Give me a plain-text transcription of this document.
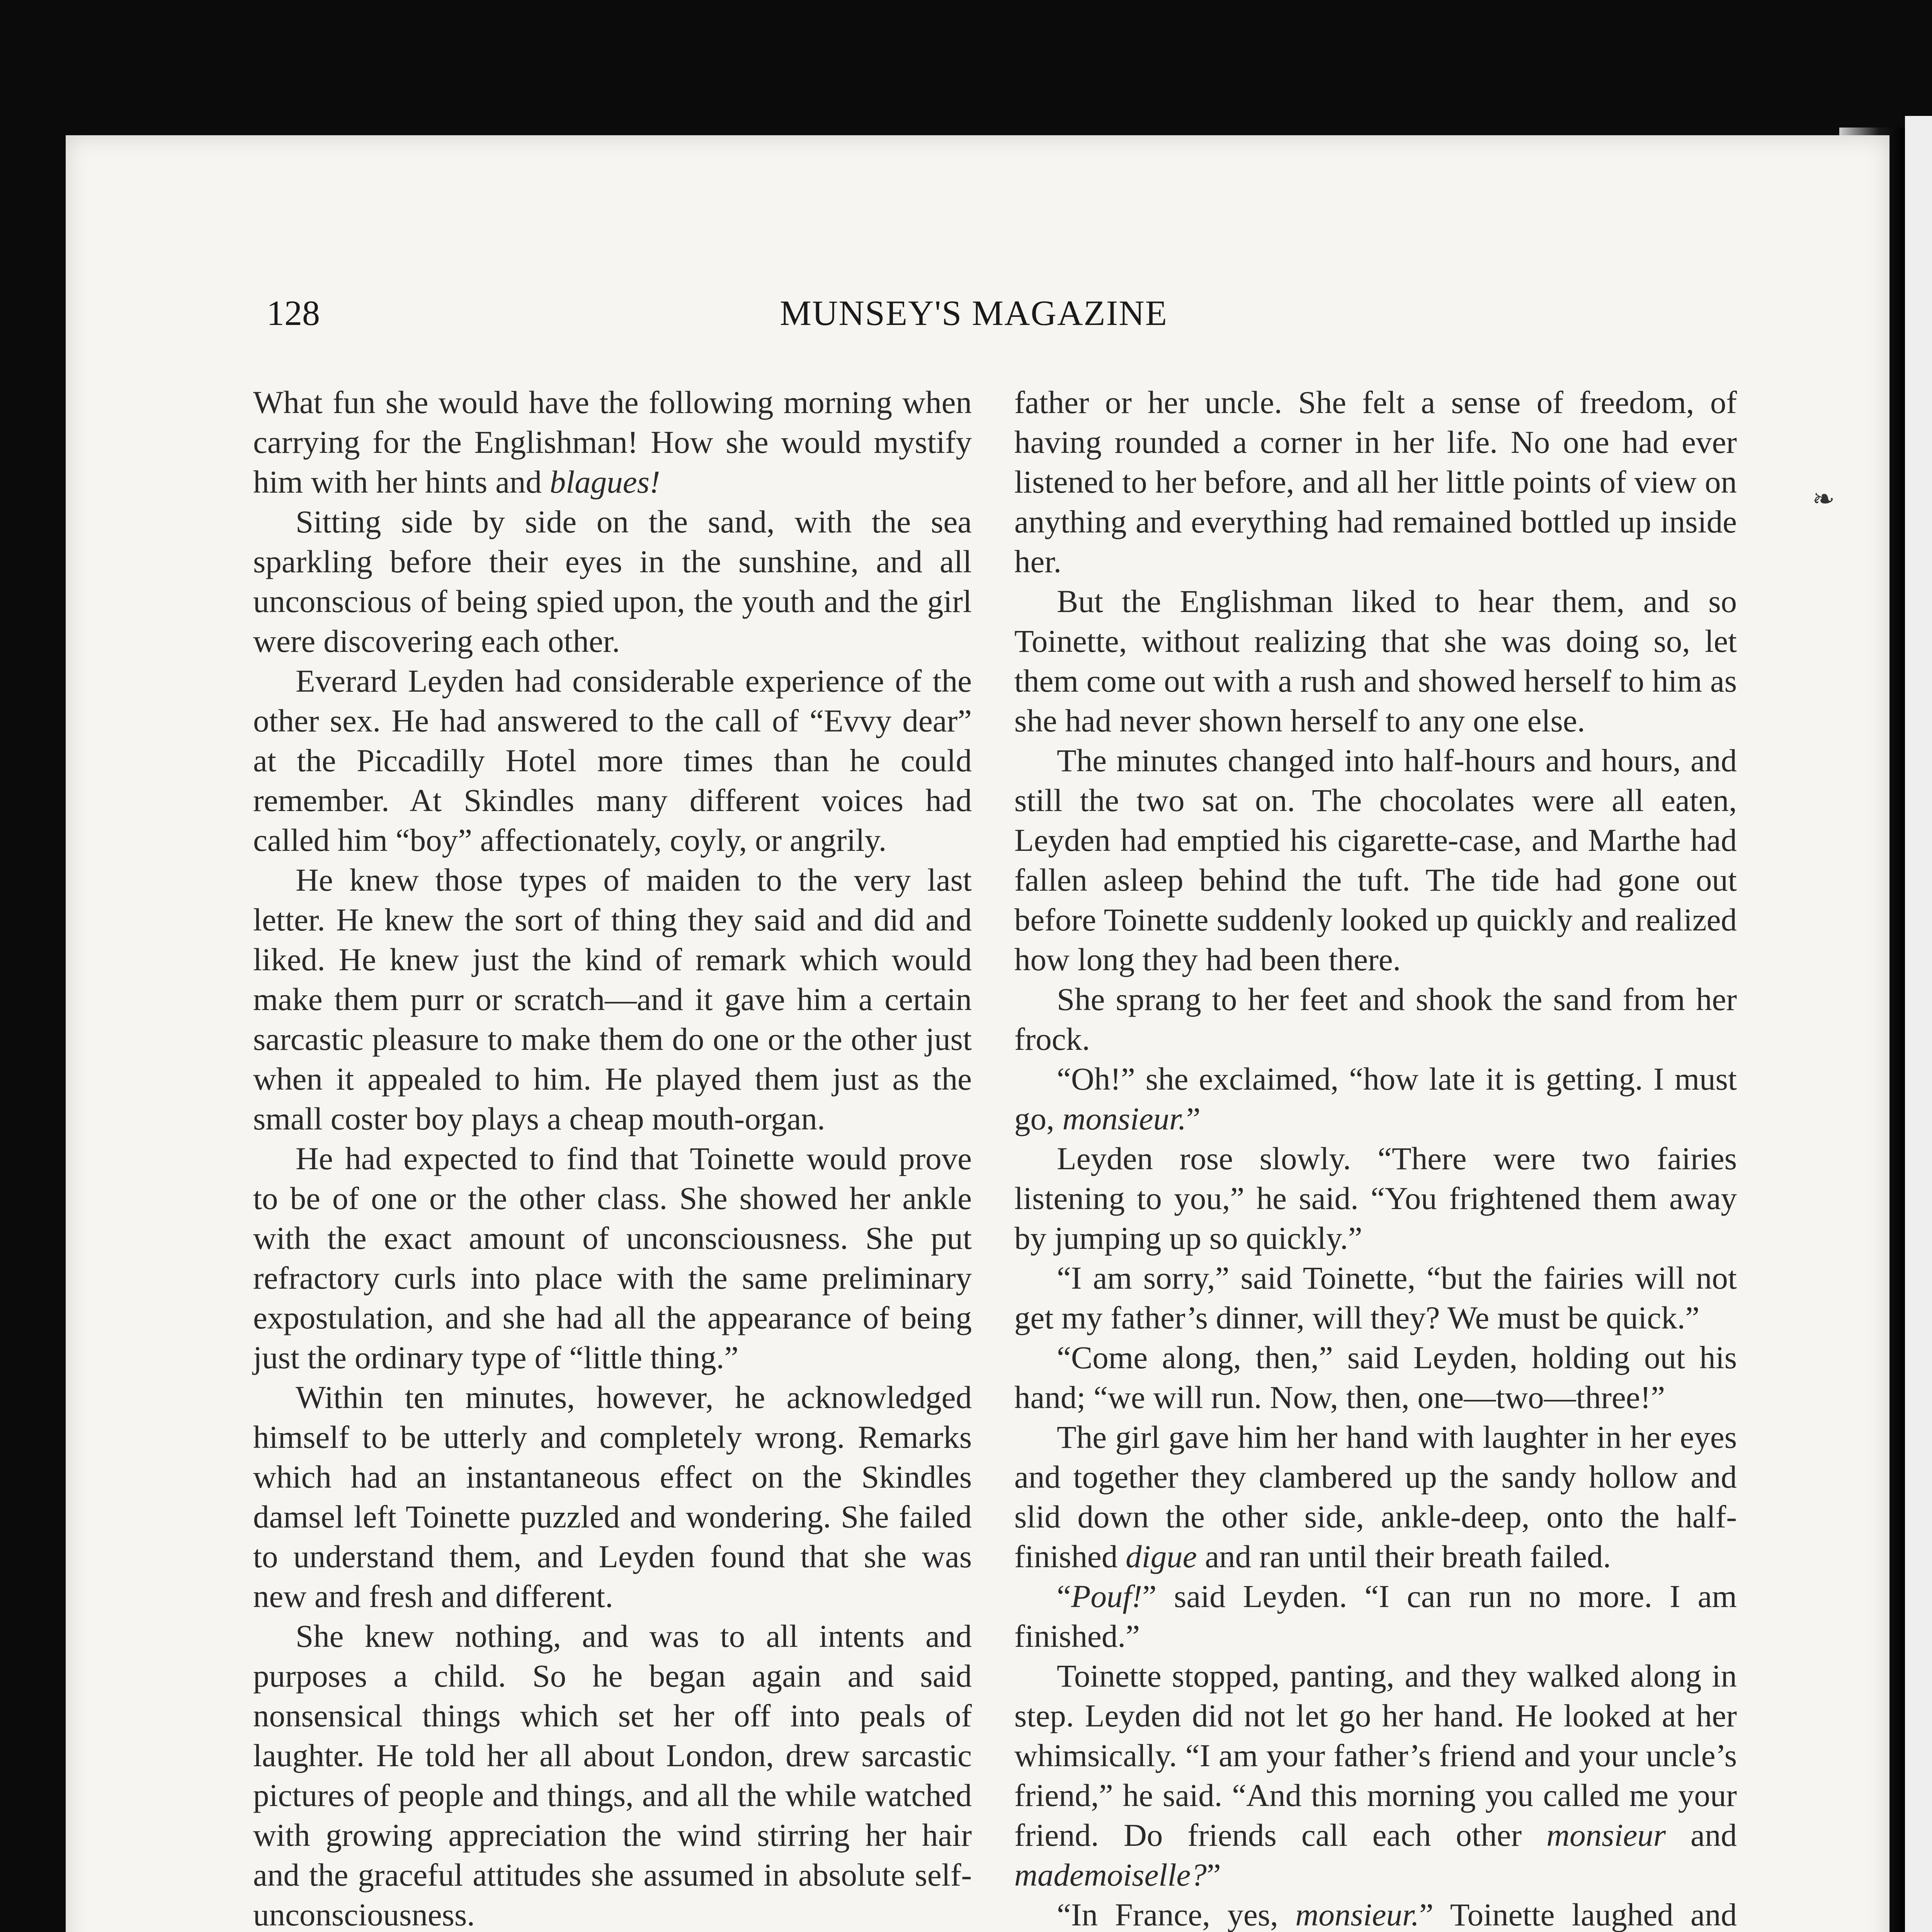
❧
128	MUNSEY'S MAGAZINE

What fun she would have the following morning when carrying for the Englishman! How she would mystify him with her hints and blagues!

Sitting side by side on the sand, with the sea sparkling before their eyes in the sunshine, and all unconscious of being spied upon, the youth and the girl were discovering each other.

Everard Leyden had considerable experience of the other sex. He had answered to the call of “Evvy dear” at the Piccadilly Hotel more times than he could remember. At Skindles many different voices had called him “boy” affectionately, coyly, or angrily.

He knew those types of maiden to the very last letter. He knew the sort of thing they said and did and liked. He knew just the kind of remark which would make them purr or scratch—and it gave him a certain sarcastic pleasure to make them do one or the other just when it appealed to him. He played them just as the small coster boy plays a cheap mouth-organ.

He had expected to find that Toinette would prove to be of one or the other class. She showed her ankle with the exact amount of unconsciousness. She put refractory curls into place with the same preliminary expostulation, and she had all the appearance of being just the ordinary type of “little thing.”

Within ten minutes, however, he acknowledged himself to be utterly and completely wrong. Remarks which had an instantaneous effect on the Skindles damsel left Toinette puzzled and wondering. She failed to understand them, and Leyden found that she was new and fresh and different.

She knew nothing, and was to all intents and purposes a child. So he began again and said nonsensical things which set her off into peals of laughter. He told her all about London, drew sarcastic pictures of people and things, and all the while watched with growing appreciation the wind stirring her hair and the graceful attitudes she assumed in absolute self-unconsciousness.

father or her uncle. She felt a sense of freedom, of having rounded a corner in her life. No one had ever listened to her before, and all her little points of view on anything and everything had remained bottled up inside her.

But the Englishman liked to hear them, and so Toinette, without realizing that she was doing so, let them come out with a rush and showed herself to him as she had never shown herself to any one else.

The minutes changed into half-hours and hours, and still the two sat on. The chocolates were all eaten, Leyden had emptied his cigarette-case, and Marthe had fallen asleep behind the tuft. The tide had gone out before Toinette suddenly looked up quickly and realized how long they had been there.

She sprang to her feet and shook the sand from her frock.

“Oh!” she exclaimed, “how late it is getting. I must go, monsieur.”

Leyden rose slowly. “There were two fairies listening to you,” he said. “You frightened them away by jumping up so quickly.”

“I am sorry,” said Toinette, “but the fairies will not get my father’s dinner, will they? We must be quick.”

“Come along, then,” said Leyden, holding out his hand; “we will run. Now, then, one—two—three!”

The girl gave him her hand with laughter in her eyes and together they clambered up the sandy hollow and slid down the other side, ankle-deep, onto the half-finished digue and ran until their breath failed.

“Pouf!” said Leyden. “I can run no more. I am finished.”

Toinette stopped, panting, and they walked along in step. Leyden did not let go her hand. He looked at her whimsically. “I am your father’s friend and your uncle’s friend,” he said. “And this morning you called me your friend. Do friends call each other monsieur and mademoiselle?”

“In France, yes, monsieur.” Toinette laughed and
